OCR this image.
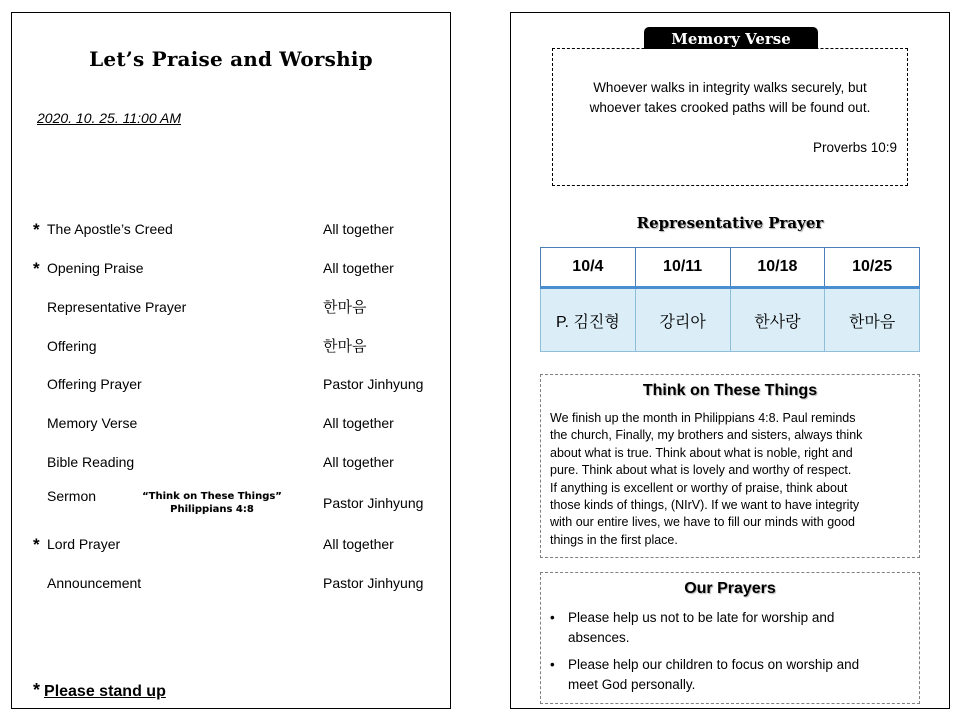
Let’s Praise and Worship
2020. 10. 25. 11:00 AM
* The Apostle’s Creed	All together
* Opening Praise	All together
Representative Prayer	한마음
Offering	한마음
Offering Prayer	Pastor Jinhyung
Memory Verse	All together
Bible Reading	All together
Sermon	Pastor Jinhyung
“Think on These Things”
Philippians 4:8
* Lord Prayer	All together
Announcement	Pastor Jinhyung
* Please stand up
Memory Verse
Whoever walks in integrity walks securely, but
whoever takes crooked paths will be found out.
Proverbs 10:9
Representative Prayer
10/4	10/11	10/18	10/25
P. 김진형	강리아	한사랑	한마음
Think on These Things
We finish up the month in Philippians 4:8. Paul reminds
the church, Finally, my brothers and sisters, always think
about what is true. Think about what is noble, right and
pure. Think about what is lovely and worthy of respect.
If anything is excellent or worthy of praise, think about
those kinds of things, (NIrV). If we want to have integrity
with our entire lives, we have to fill our minds with good
things in the first place.
Our Prayers
• Please help us not to be late for worship and
absences.
• Please help our children to focus on worship and
meet God personally.
